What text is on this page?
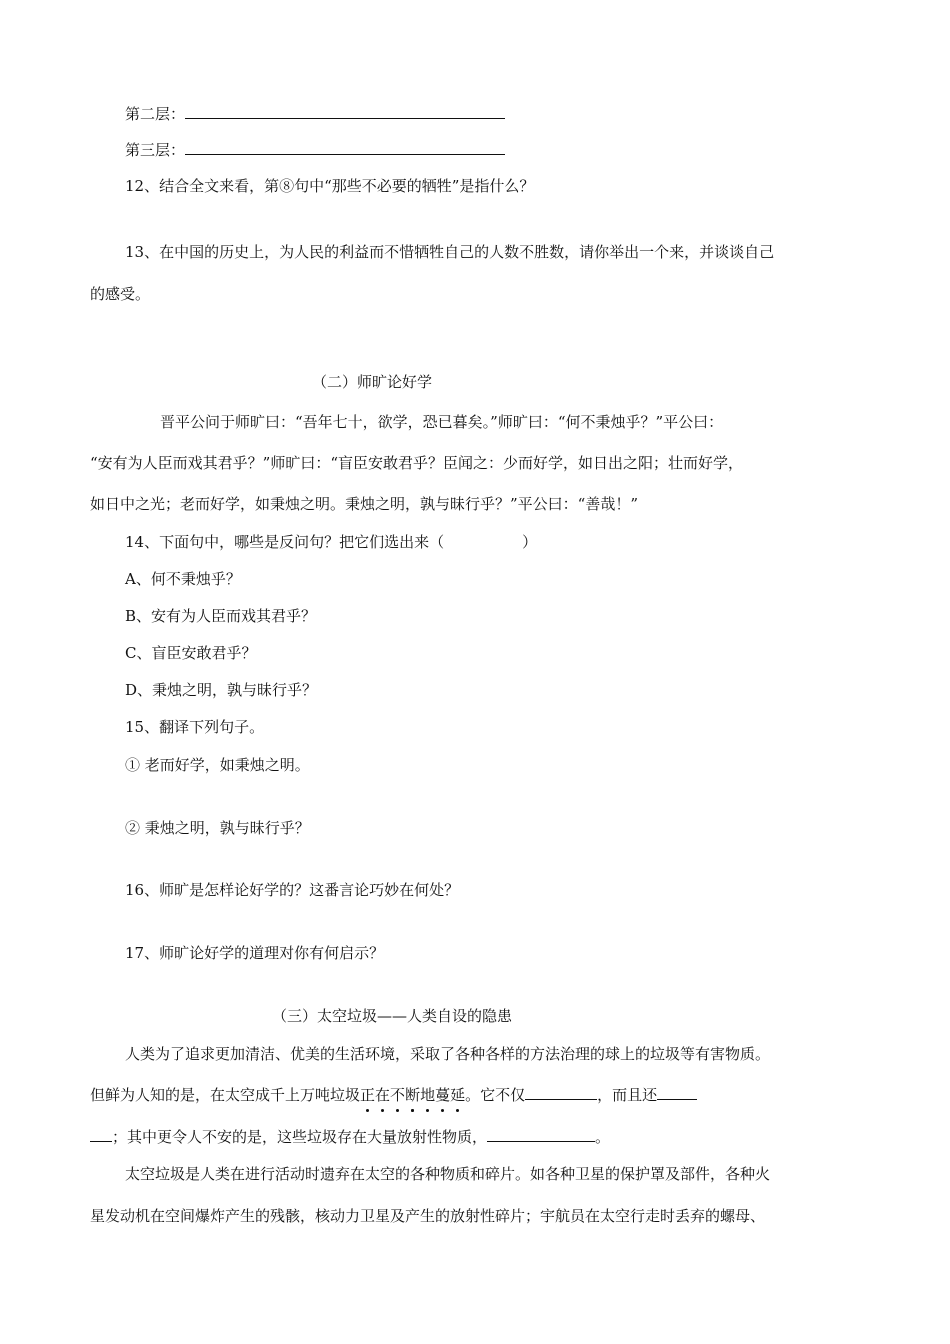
第二层：
第三层：
12、结合全文来看，第⑧句中“那些不必要的牺牲”是指什么？
13、在中国的历史上，为人民的利益而不惜牺牲自己的人数不胜数，请你举出一个来，并谈谈自己
的感受。
（二）师旷论好学
晋平公问于师旷曰：“吾年七十，欲学，恐已暮矣。”师旷曰：“何不秉烛乎？”平公曰：
“安有为人臣而戏其君乎？”师旷曰：“盲臣安敢君乎？臣闻之：少而好学，如日出之阳；壮而好学，
如日中之光；老而好学，如秉烛之明。秉烛之明，孰与昧行乎？”平公曰：“善哉！”
14、下面句中，哪些是反问句？把它们选出来（	）
A、何不秉烛乎？
B、安有为人臣而戏其君乎？
C、盲臣安敢君乎？
D、秉烛之明，孰与昧行乎？
15、翻译下列句子。
① 老而好学，如秉烛之明。
② 秉烛之明，孰与昧行乎？
16、师旷是怎样论好学的？这番言论巧妙在何处？
17、师旷论好学的道理对你有何启示？
（三）太空垃圾——人类自设的隐患
人类为了追求更加清洁、优美的生活环境，采取了各种各样的方法治理的球上的垃圾等有害物质。
但鲜为人知的是，在太空成千上万吨垃圾正在不断地蔓延。它不仅	，而且还
；其中更令人不安的是，这些垃圾存在大量放射性物质，	。
太空垃圾是人类在进行活动时遗弃在太空的各种物质和碎片。如各种卫星的保护罩及部件，各种火
星发动机在空间爆炸产生的残骸，核动力卫星及产生的放射性碎片；宇航员在太空行走时丢弃的螺母、
